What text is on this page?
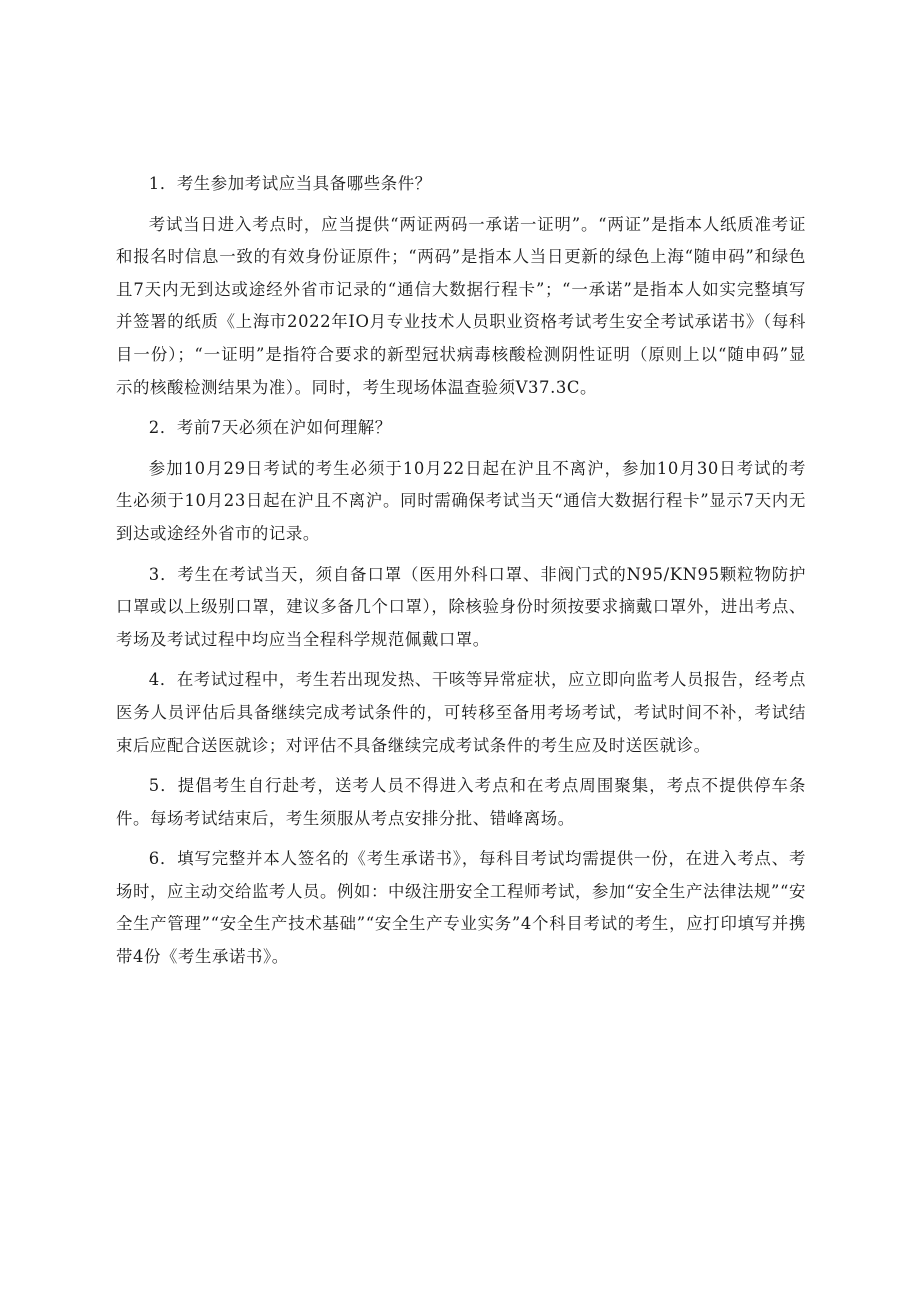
1．考生参加考试应当具备哪些条件？

考试当日进入考点时，应当提供“两证两码一承诺一证明”。“两证”是指本人纸质准考证和报名时信息一致的有效身份证原件；“两码”是指本人当日更新的绿色上海“随申码”和绿色且7天内无到达或途经外省市记录的“通信大数据行程卡”；“一承诺”是指本人如实完整填写并签署的纸质《上海市2022年IO月专业技术人员职业资格考试考生安全考试承诺书》（每科目一份）；“一证明”是指符合要求的新型冠状病毒核酸检测阴性证明（原则上以“随申码”显示的核酸检测结果为准）。同时，考生现场体温查验须V37.3C。

2．考前7天必须在沪如何理解？

参加10月29日考试的考生必须于10月22日起在沪且不离沪，参加10月30日考试的考生必须于10月23日起在沪且不离沪。同时需确保考试当天“通信大数据行程卡”显示7天内无到达或途经外省市的记录。

3．考生在考试当天，须自备口罩（医用外科口罩、非阀门式的N95/KN95颗粒物防护口罩或以上级别口罩，建议多备几个口罩），除核验身份时须按要求摘戴口罩外，进出考点、考场及考试过程中均应当全程科学规范佩戴口罩。

4．在考试过程中，考生若出现发热、干咳等异常症状，应立即向监考人员报告，经考点医务人员评估后具备继续完成考试条件的，可转移至备用考场考试，考试时间不补，考试结束后应配合送医就诊；对评估不具备继续完成考试条件的考生应及时送医就诊。

5．提倡考生自行赴考，送考人员不得进入考点和在考点周围聚集，考点不提供停车条件。每场考试结束后，考生须服从考点安排分批、错峰离场。

6．填写完整并本人签名的《考生承诺书》，每科目考试均需提供一份，在进入考点、考场时，应主动交给监考人员。例如：中级注册安全工程师考试，参加“安全生产法律法规”“安全生产管理”“安全生产技术基础”“安全生产专业实务”4个科目考试的考生，应打印填写并携带4份《考生承诺书》。
